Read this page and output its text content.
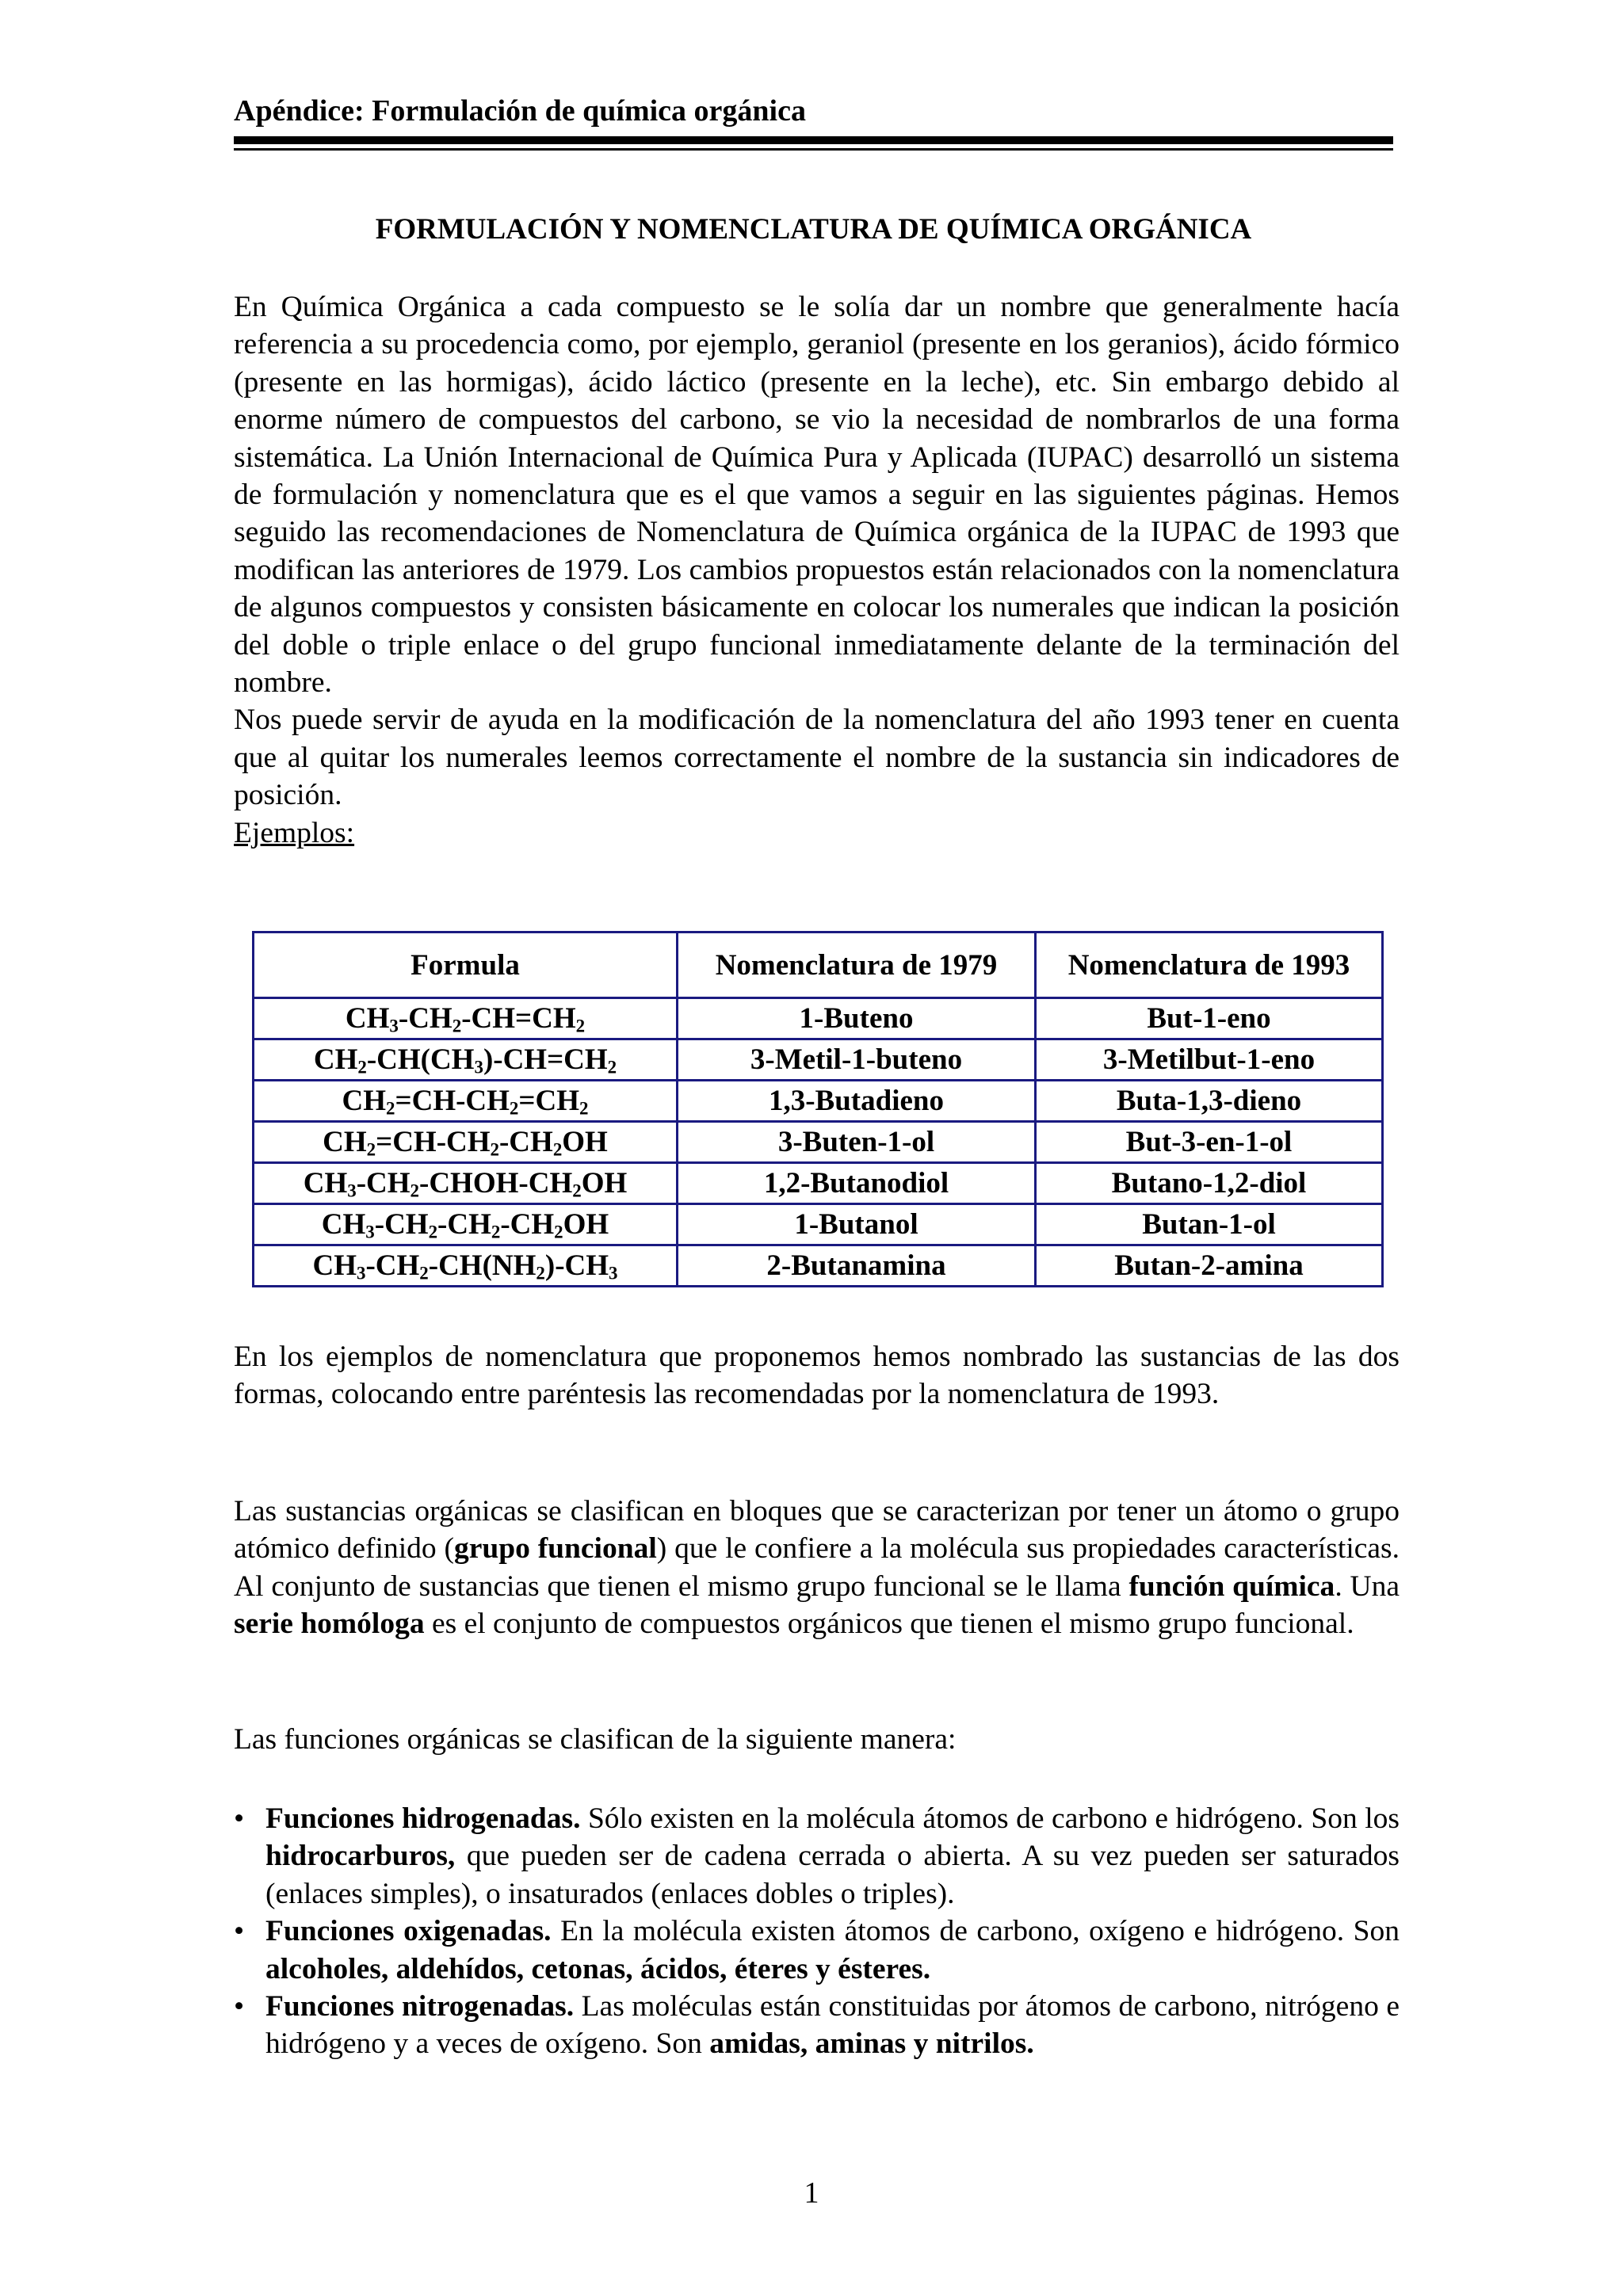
Apéndice: Formulación de química orgánica
FORMULACIÓN Y NOMENCLATURA DE QUÍMICA ORGÁNICA

En Química Orgánica a cada compuesto se le solía dar un nombre que generalmente hacía referencia a su procedencia como, por ejemplo, geraniol (presente en los geranios), ácido fórmico (presente en las hormigas), ácido láctico (presente en la leche), etc. Sin embargo debido al enorme número de compuestos del carbono, se vio la necesidad de nombrarlos de una forma sistemática. La Unión Internacional de Química Pura y Aplicada (IUPAC) desarrolló un sistema de formulación y nomenclatura que es el que vamos a seguir en las siguientes páginas. Hemos seguido las recomendaciones de Nomenclatura de Química orgánica de la IUPAC de 1993 que modifican las anteriores de 1979. Los cambios propuestos están relacionados con la nomenclatura de algunos compuestos y consisten básicamente en colocar los numerales que indican la posición del doble o triple enlace o del grupo funcional inmediatamente delante de la terminación del nombre.

Nos puede servir de ayuda en la modificación de la nomenclatura del año 1993 tener en cuenta que al quitar los numerales leemos correctamente el nombre de la sustancia sin indicadores de posición.

Ejemplos:

Formula	Nomenclatura de 1979	Nomenclatura de 1993
$CH_3-CH_2-CH=CH_2$	1-Buteno	But-1-eno
$CH_2-CH(CH_3)-CH=CH_2$	3-Metil-1-buteno	3-Metilbut-1-eno
$CH_2=CH-CH_2=CH_2$	1,3-Butadieno	Buta-1,3-dieno
$CH_2=CH-CH_2-CH_2OH$	3-Buten-1-ol	But-3-en-1-ol
$CH_3-CH_2-CHOH-CH_2OH$	1,2-Butanodiol	Butano-1,2-diol
$CH_3-CH_2-CH_2-CH_2OH$	1-Butanol	Butan-1-ol
$CH_3-CH_2-CH(NH_2)-CH_3$	2-Butanamina	Butan-2-amina
En los ejemplos de nomenclatura que proponemos hemos nombrado las sustancias de las dos formas, colocando entre paréntesis las recomendadas por la nomenclatura de 1993.
Las sustancias orgánicas se clasifican en bloques que se caracterizan por tener un átomo o grupo atómico definido (grupo funcional) que le confiere a la molécula sus propiedades características. Al conjunto de sustancias que tienen el mismo grupo funcional se le llama función química. Una serie homóloga es el conjunto de compuestos orgánicos que tienen el mismo grupo funcional.
Las funciones orgánicas se clasifican de la siguiente manera:
• Funciones hidrogenadas. Sólo existen en la molécula átomos de carbono e hidrógeno. Son los hidrocarburos, que pueden ser de cadena cerrada o abierta. A su vez pueden ser saturados (enlaces simples), o insaturados (enlaces dobles o triples).
• Funciones oxigenadas. En la molécula existen átomos de carbono, oxígeno e hidrógeno. Son alcoholes, aldehídos, cetonas, ácidos, éteres y ésteres.
• Funciones nitrogenadas. Las moléculas están constituidas por átomos de carbono, nitrógeno e hidrógeno y a veces de oxígeno. Son amidas, aminas y nitrilos.
1
